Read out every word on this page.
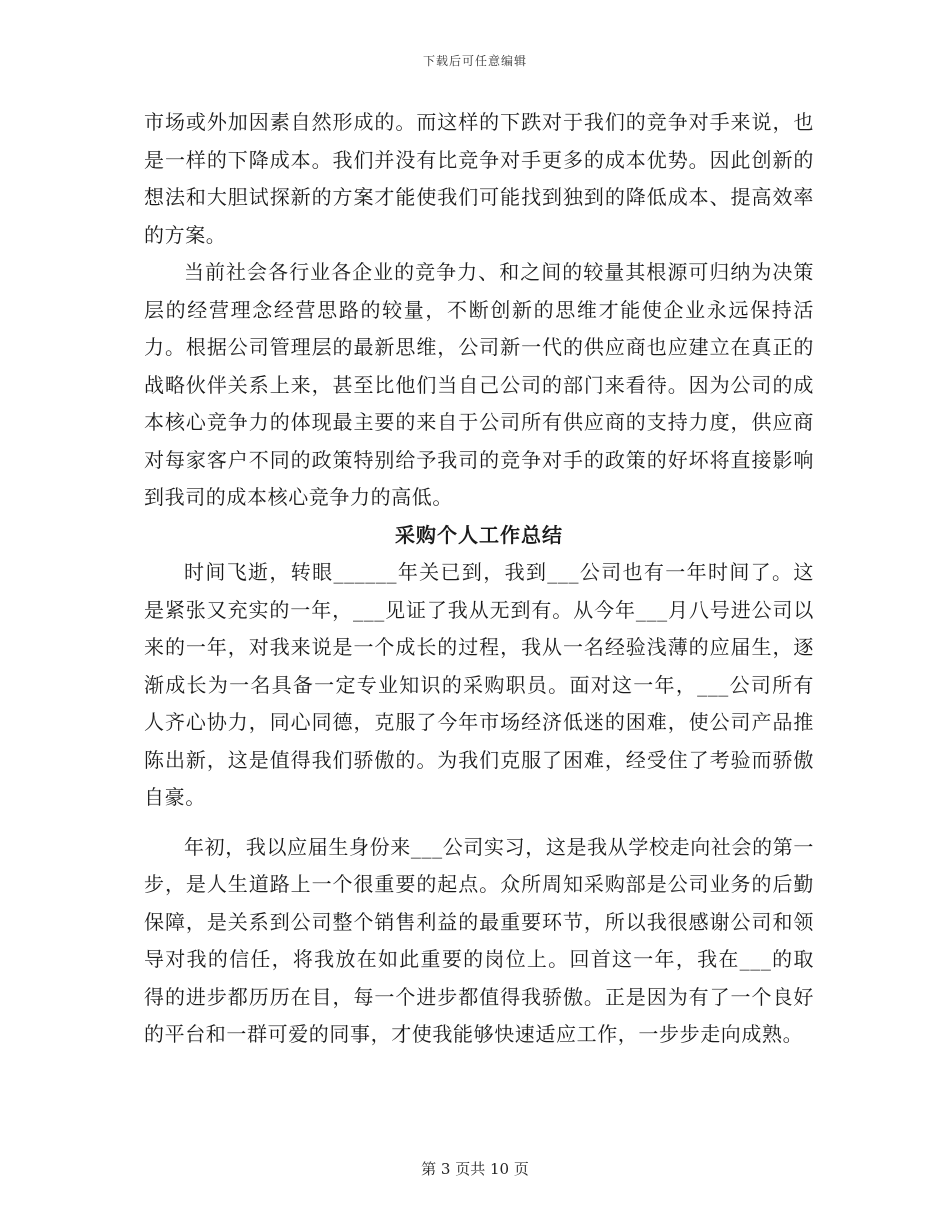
下载后可任意编辑

市场或外加因素自然形成的。而这样的下跌对于我们的竞争对手来说，也是一样的下降成本。我们并没有比竞争对手更多的成本优势。因此创新的想法和大胆试探新的方案才能使我们可能找到独到的降低成本、提高效率的方案。

当前社会各行业各企业的竞争力、和之间的较量其根源可归纳为决策层的经营理念经营思路的较量，不断创新的思维才能使企业永远保持活力。根据公司管理层的最新思维，公司新一代的供应商也应建立在真正的战略伙伴关系上来，甚至比他们当自己公司的部门来看待。因为公司的成本核心竞争力的体现最主要的来自于公司所有供应商的支持力度，供应商对每家客户不同的政策特别给予我司的竞争对手的政策的好坏将直接影响到我司的成本核心竞争力的高低。

采购个人工作总结

时间飞逝，转眼______年关已到，我到___公司也有一年时间了。这是紧张又充实的一年，___见证了我从无到有。从今年___月八号进公司以来的一年，对我来说是一个成长的过程，我从一名经验浅薄的应届生，逐渐成长为一名具备一定专业知识的采购职员。面对这一年，___公司所有人齐心协力，同心同德，克服了今年市场经济低迷的困难，使公司产品推陈出新，这是值得我们骄傲的。为我们克服了困难，经受住了考验而骄傲自豪。

年初，我以应届生身份来___公司实习，这是我从学校走向社会的第一步，是人生道路上一个很重要的起点。众所周知采购部是公司业务的后勤保障，是关系到公司整个销售利益的最重要环节，所以我很感谢公司和领导对我的信任，将我放在如此重要的岗位上。回首这一年，我在___的取得的进步都历历在目，每一个进步都值得我骄傲。正是因为有了一个良好的平台和一群可爱的同事，才使我能够快速适应工作，一步步走向成熟。

第 3 页共 10 页
